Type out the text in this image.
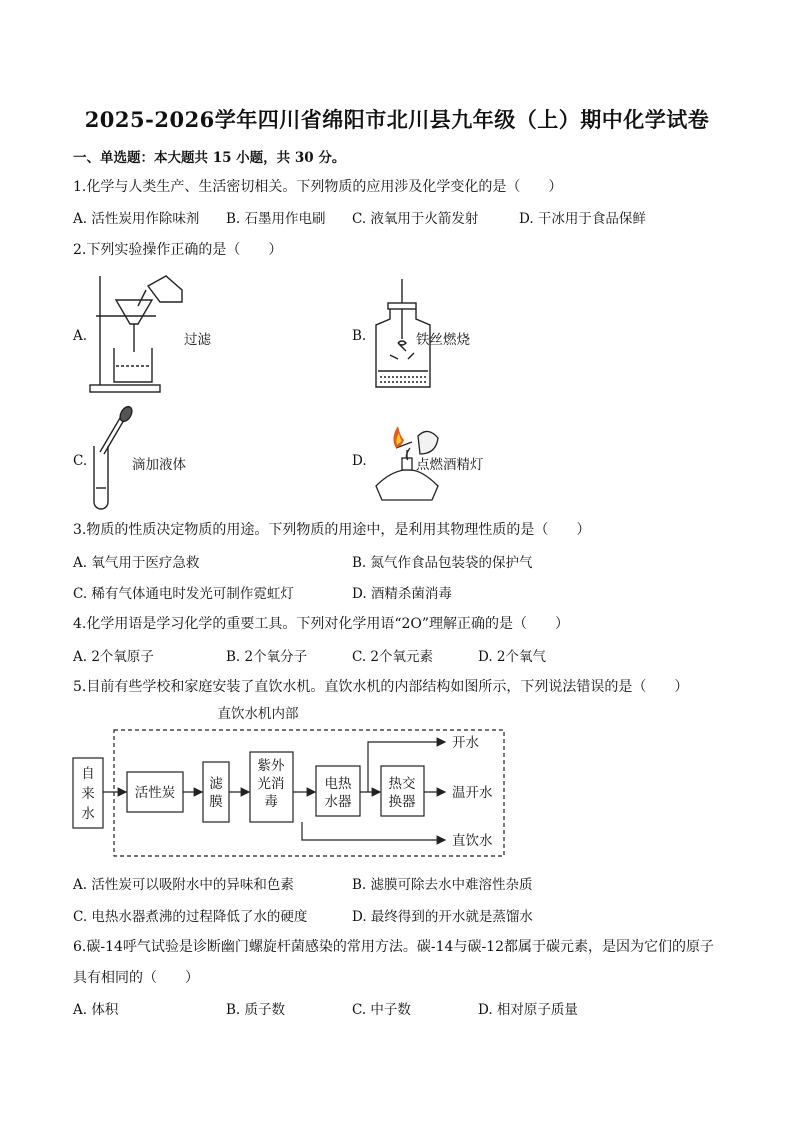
2025-2026学年四川省绵阳市北川县九年级（上）期中化学试卷
一、单选题：本大题共 15 小题，共 30 分。
1.化学与人类生产、生活密切相关。下列物质的应用涉及化学变化的是（　　）
A. 活性炭用作除味剂 B. 石墨用作电刷 C. 液氧用于火箭发射	D. 干冰用于食品保鲜
2.下列实验操作正确的是（　　）
A.	过滤	B.	铁丝燃烧
C.	滴加液体	D.	点燃酒精灯
3.物质的性质决定物质的用途。下列物质的用途中，是利用其物理性质的是（　　）
A. 氧气用于医疗急救	B. 氮气作食品包装袋的保护气
C. 稀有气体通电时发光可制作霓虹灯	D. 酒精杀菌消毒
4.化学用语是学习化学的重要工具。下列对化学用语“2O”理解正确的是（　　）
A. 2个氧原子	B. 2个氧分子	C. 2个氧元素	D. 2个氧气
5.目前有些学校和家庭安装了直饮水机。直饮水机的内部结构如图所示，下列说法错误的是（　　）
直饮水机内部
自
来
水
活性炭
滤
膜
紫外
光消
毒
电热
水器
热交
换器
开水
温开水
直饮水
A. 活性炭可以吸附水中的异味和色素	B. 滤膜可除去水中难溶性杂质
C. 电热水器煮沸的过程降低了水的硬度	D. 最终得到的开水就是蒸馏水
6.碳-14呼气试验是诊断幽门螺旋杆菌感染的常用方法。碳-14与碳-12都属于碳元素，是因为它们的原子
具有相同的（　　）
A. 体积	B. 质子数	C. 中子数	D. 相对原子质量
